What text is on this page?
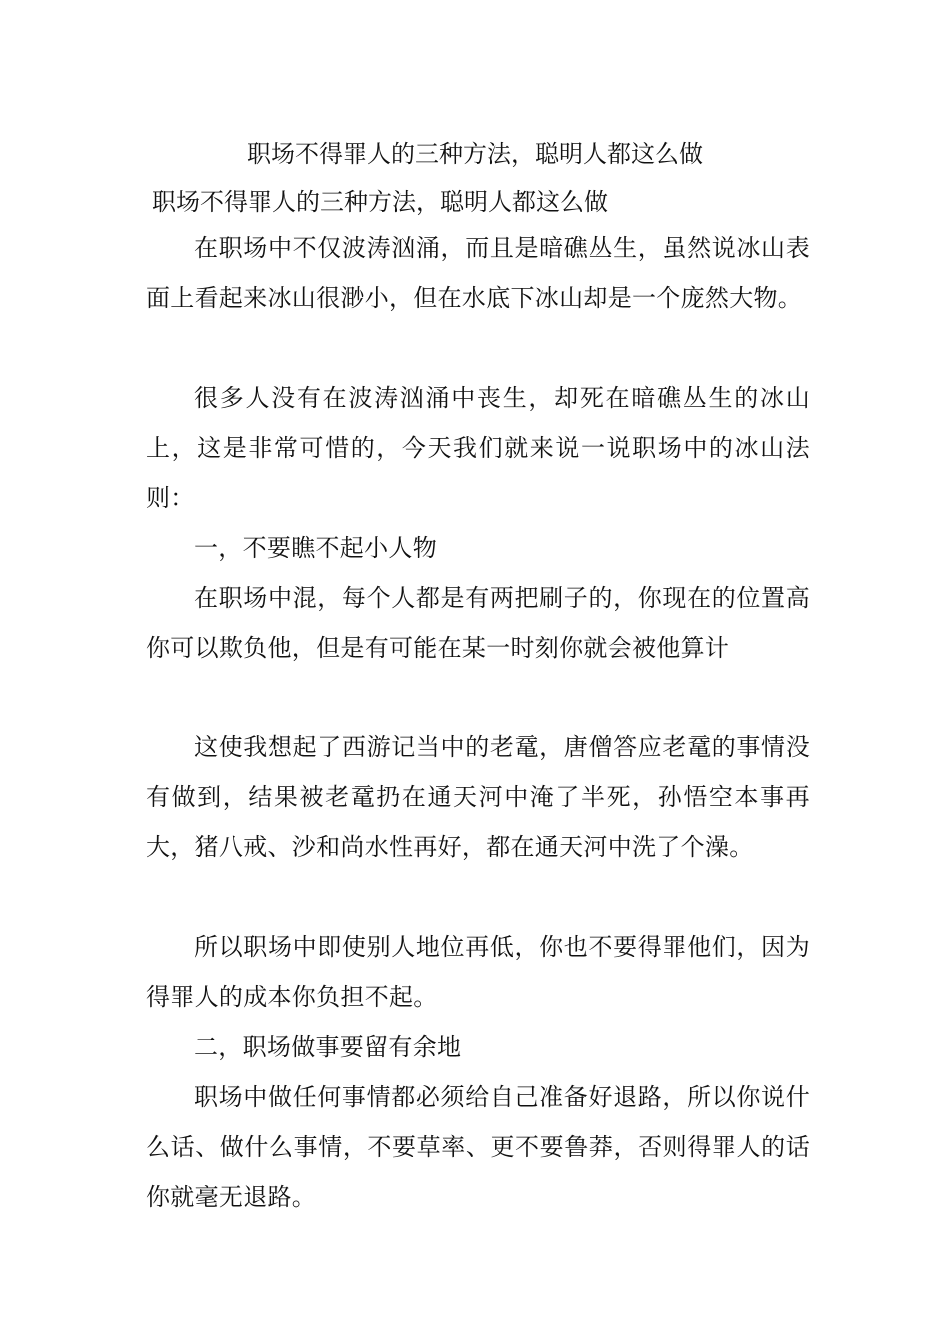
职场不得罪人的三种方法，聪明人都这么做
职场不得罪人的三种方法，聪明人都这么做

在职场中不仅波涛汹涌，而且是暗礁丛生，虽然说冰山表面上看起来冰山很渺小，但在水底下冰山却是一个庞然大物。

很多人没有在波涛汹涌中丧生，却死在暗礁丛生的冰山上，这是非常可惜的，今天我们就来说一说职场中的冰山法则：

一，不要瞧不起小人物

在职场中混，每个人都是有两把刷子的，你现在的位置高你可以欺负他，但是有可能在某一时刻你就会被他算计

这使我想起了西游记当中的老鼋，唐僧答应老鼋的事情没有做到，结果被老鼋扔在通天河中淹了半死，孙悟空本事再大，猪八戒、沙和尚水性再好，都在通天河中洗了个澡。

所以职场中即使别人地位再低，你也不要得罪他们，因为得罪人的成本你负担不起。

二，职场做事要留有余地

职场中做任何事情都必须给自己准备好退路，所以你说什么话、做什么事情，不要草率、更不要鲁莽，否则得罪人的话你就毫无退路。
